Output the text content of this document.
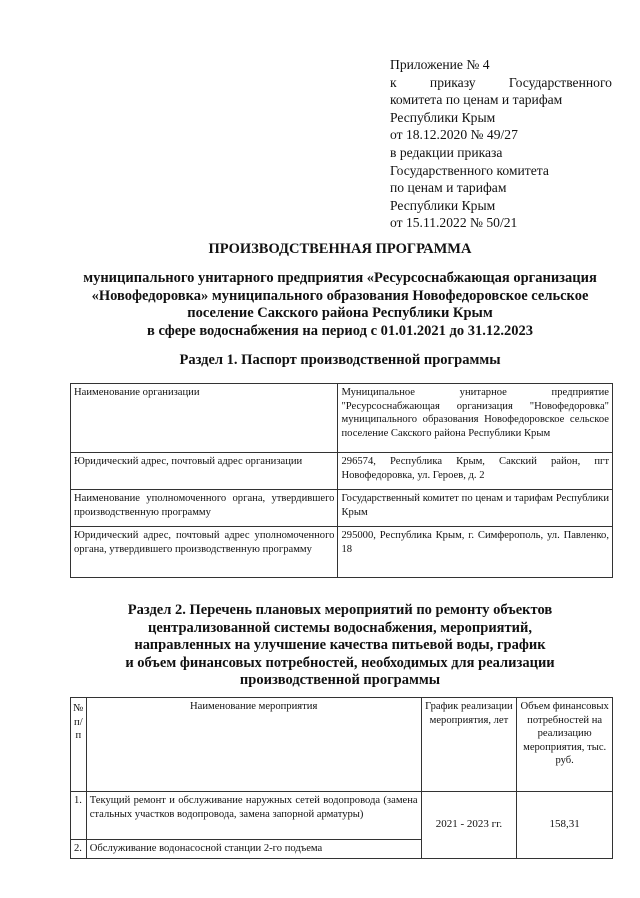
Приложение № 4
к приказу Государственного
комитета по ценам и тарифам
Республики Крым
от 18.12.2020 № 49/27
в редакции приказа
Государственного комитета
по ценам и тарифам
Республики Крым
от 15.11.2022 № 50/21
ПРОИЗВОДСТВЕННАЯ ПРОГРАММА
муниципального унитарного предприятия «Ресурсоснабжающая организация
«Новофедоровка» муниципального образования Новофедоровское сельское
поселение Сакского района Республики Крым
в сфере водоснабжения на период с 01.01.2021 до 31.12.2023
Раздел 1. Паспорт производственной программы
Наименование организации	Муниципальное унитарное предприятие "Ресурсоснабжающая организация "Новофедоровка" муниципального образования Новофедоровское сельское поселение Сакского района Республики Крым
Юридический адрес, почтовый адрес организации	296574, Республика Крым, Сакский район, пгт Новофедоровка, ул. Героев, д. 2
Наименование уполномоченного органа, утвердившего производственную программу	Государственный комитет по ценам и тарифам Республики Крым
Юридический адрес, почтовый адрес уполномоченного органа, утвердившего производственную программу	295000, Республика Крым, г. Симферополь, ул. Павленко, 18
Раздел 2. Перечень плановых мероприятий по ремонту объектов
централизованной системы водоснабжения, мероприятий,
направленных на улучшение качества питьевой воды, график
и объем финансовых потребностей, необходимых для реализации
производственной программы
№ п/п	Наименование мероприятия	График реализации мероприятия, лет	Объем финансовых потребностей на реализацию мероприятия, тыс. руб.
1.	Текущий ремонт и обслуживание наружных сетей водопровода (замена стальных участков водопровода, замена запорной арматуры)	2021 - 2023 гг.	158,31
2.	Обслуживание водонасосной станции 2-го подъема		
